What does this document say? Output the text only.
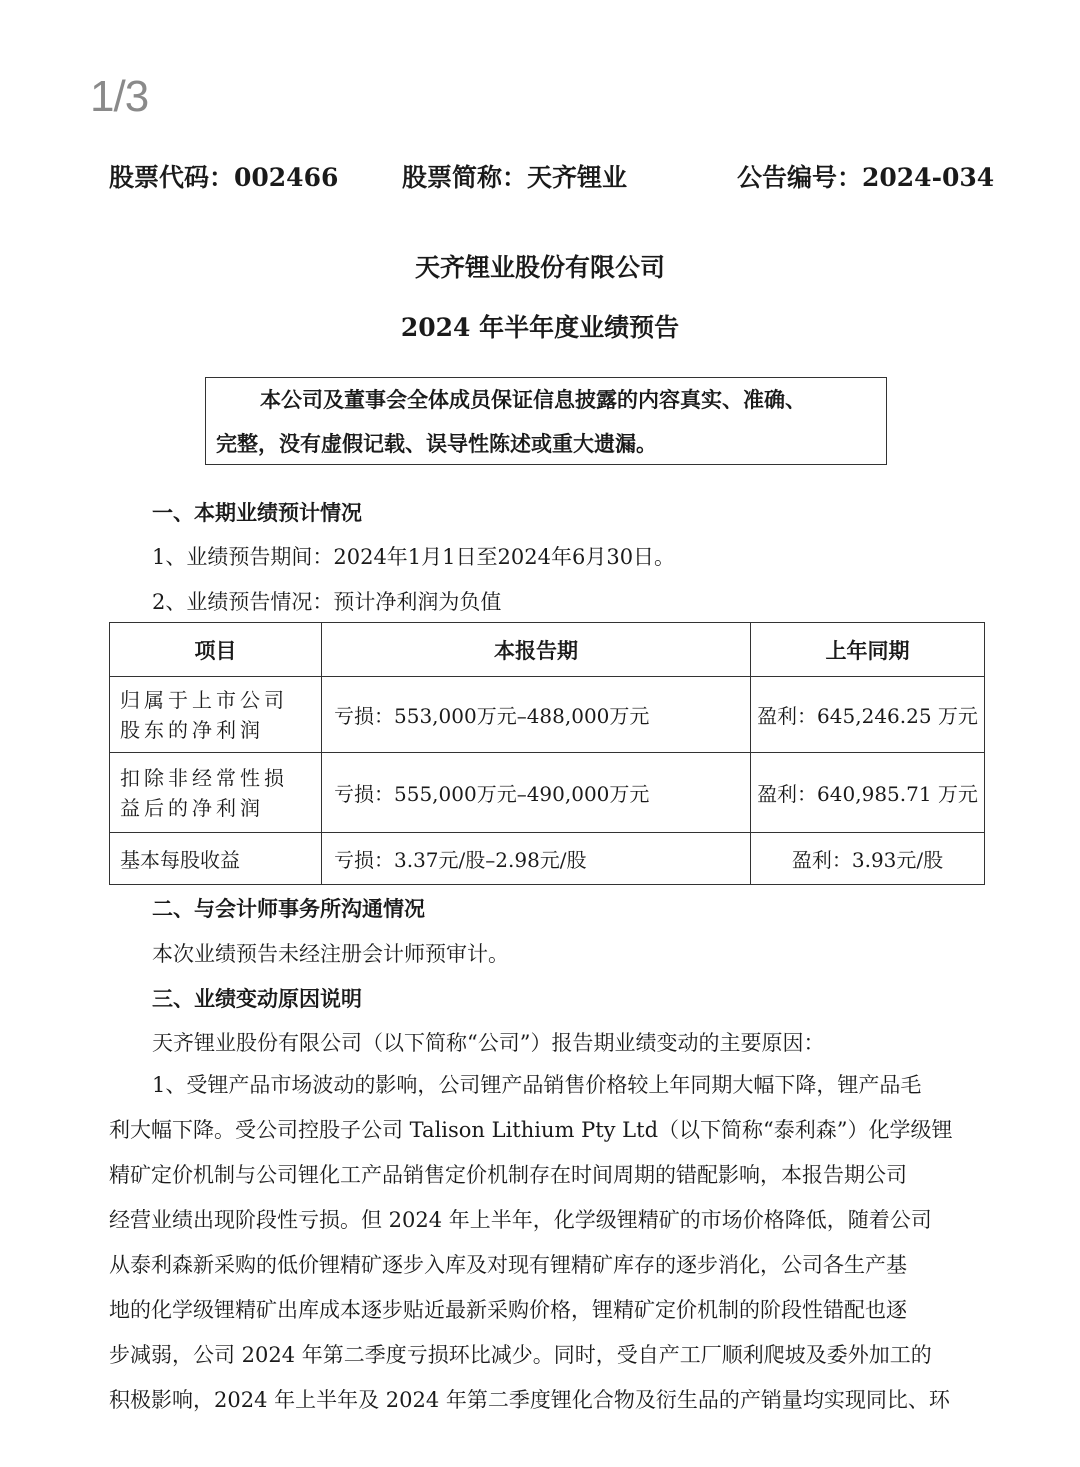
1/3
股票代码：002466	股票简称：天齐锂业	公告编号：2024-034
天齐锂业股份有限公司
2024 年半年度业绩预告
本公司及董事会全体成员保证信息披露的内容真实、准确、
完整，没有虚假记载、误导性陈述或重大遗漏。
一、本期业绩预计情况
1、业绩预告期间：2024年1月1日至2024年6月30日。
2、业绩预告情况：预计净利润为负值
项目	本报告期	上年同期

归属于上市公司
股东的净利润	亏损：553,000万元–488,000万元	盈利：645,246.25 万元

扣除非经常性损
益后的净利润	亏损：555,000万元–490,000万元	盈利：640,985.71 万元
基本每股收益	亏损：3.37元/股–2.98元/股	盈利：3.93元/股
二、与会计师事务所沟通情况
本次业绩预告未经注册会计师预审计。
三、业绩变动原因说明
天齐锂业股份有限公司（以下简称“公司”）报告期业绩变动的主要原因：
1、受锂产品市场波动的影响，公司锂产品销售价格较上年同期大幅下降，锂产品毛
利大幅下降。受公司控股子公司 Talison Lithium Pty Ltd（以下简称“泰利森”）化学级锂
精矿定价机制与公司锂化工产品销售定价机制存在时间周期的错配影响，本报告期公司
经营业绩出现阶段性亏损。但 2024 年上半年，化学级锂精矿的市场价格降低，随着公司
从泰利森新采购的低价锂精矿逐步入库及对现有锂精矿库存的逐步消化，公司各生产基
地的化学级锂精矿出库成本逐步贴近最新采购价格，锂精矿定价机制的阶段性错配也逐
步减弱，公司 2024 年第二季度亏损环比减少。同时，受自产工厂顺利爬坡及委外加工的
积极影响，2024 年上半年及 2024 年第二季度锂化合物及衍生品的产销量均实现同比、环
